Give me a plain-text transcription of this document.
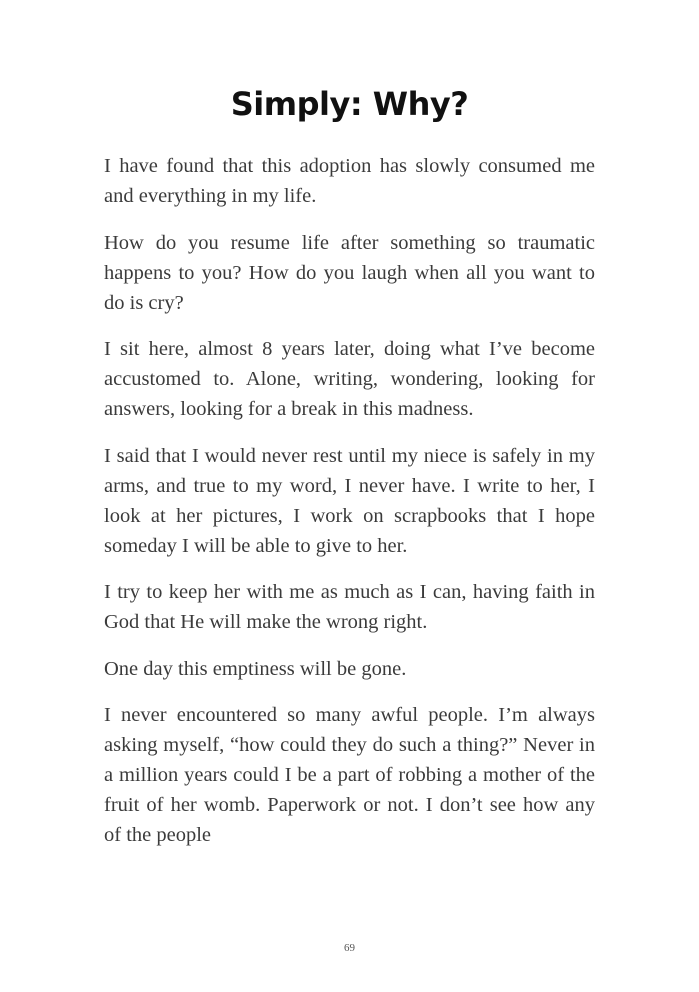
Simply: Why?

I have found that this adoption has slowly consumed me and everything in my life.

How do you resume life after something so traumatic happens to you? How do you laugh when all you want to do is cry?

I sit here, almost 8 years later, doing what I’ve become accustomed to. Alone, writing, wondering, looking for answers, looking for a break in this madness.

I said that I would never rest until my niece is safely in my arms, and true to my word, I never have. I write to her, I look at her pictures, I work on scrapbooks that I hope someday I will be able to give to her.

I try to keep her with me as much as I can, having faith in God that He will make the wrong right.

One day this emptiness will be gone.

I never encountered so many awful people. I’m always asking myself, “how could they do such a thing?” Never in a million years could I be a part of robbing a mother of the fruit of her womb. Paperwork or not. I don’t see how any of the people

69
